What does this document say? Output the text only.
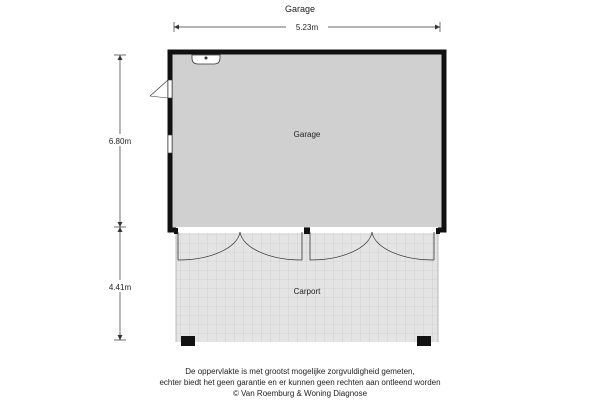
Garage
5.23m
6.80m
4.41m
Garage
Carport
De oppervlakte is met grootst mogelijke zorgvuldigheid gemeten,
echter biedt het geen garantie en er kunnen geen rechten aan ontleend worden
© Van Roemburg & Woning Diagnose
